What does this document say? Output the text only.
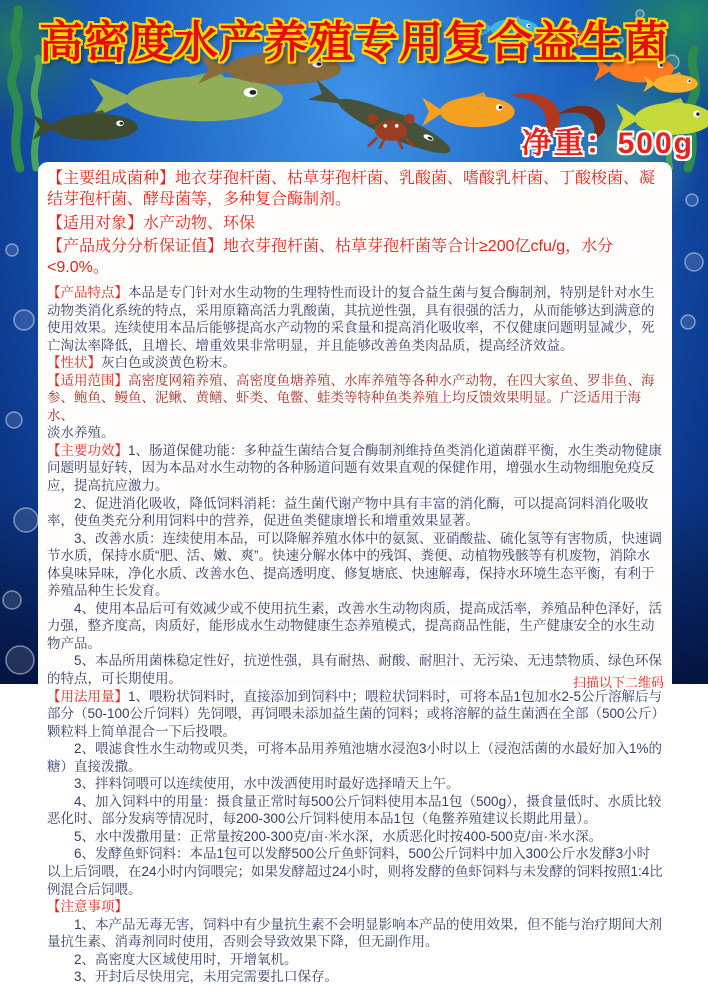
高密度水产养殖专用复合益生菌
净重：500g

【主要组成菌种】地衣芽孢杆菌、枯草芽孢杆菌、乳酸菌、嗜酸乳杆菌、丁酸梭菌、凝结芽孢杆菌、酵母菌等，多种复合酶制剂。

【适用对象】水产动物、环保

【产品成分分析保证值】地衣芽孢杆菌、枯草芽孢杆菌等合计≥200亿cfu/g，水分<9.0%。

【产品特点】本品是专门针对水生动物的生理特性而设计的复合益生菌与复合酶制剂，特别是针对水生动物类消化系统的特点，采用原籍高活力乳酸菌，其抗逆性强，具有很强的活力，从而能够达到满意的使用效果。连续使用本品后能够提高水产动物的采食量和提高消化吸收率，不仅健康问题明显减少，死亡淘汰率降低，且增长、增重效果非常明显，并且能够改善鱼类肉品质，提高经济效益。

【性状】灰白色或淡黄色粉末。

【适用范围】高密度网箱养殖、高密度鱼塘养殖、水库养殖等各种水产动物，在四大家鱼、罗非鱼、海参、鲍鱼、鳗鱼、泥鳅、黄鳝、虾类、龟鳖、蛙类等特种鱼类养殖上均反馈效果明显。广泛适用于海水、

淡水养殖。

【主要功效】1、肠道保健功能：多种益生菌结合复合酶制剂维持鱼类消化道菌群平衡，水生类动物健康问题明显好转，因为本品对水生动物的各种肠道问题有效果直观的保健作用，增强水生动物细胞免疫反应，提高抗应激力。

2、促进消化吸收，降低饲料消耗：益生菌代谢产物中具有丰富的消化酶，可以提高饲料消化吸收率，使鱼类充分利用饲料中的营养，促进鱼类健康增长和增重效果显著。

3、改善水质：连续使用本品，可以降解养殖水体中的氨氮、亚硝酸盐、硫化氢等有害物质，快速调节水质，保持水质“肥、活、嫩、爽”。快速分解水体中的残饵、粪便、动植物残骸等有机废物，消除水体臭味异味，净化水质、改善水色、提高透明度、修复塘底、快速解毒，保持水环境生态平衡，有利于养殖品种生长发育。

4、使用本品后可有效减少或不使用抗生素，改善水生动物肉质，提高成活率，养殖品种色泽好，活力强，整齐度高，肉质好，能形成水生动物健康生态养殖模式，提高商品性能，生产健康安全的水生动物产品。

5、本品所用菌株稳定性好，抗逆性强，具有耐热、耐酸、耐胆汁、无污染、无违禁物质、绿色环保的特点，可长期使用。

【用法用量】1、喂粉状饲料时，直接添加到饲料中；喂粒状饲料时，可将本品1包加水2-5公斤溶解后与部分（50-100公斤饲料）先饲喂，再饲喂未添加益生菌的饲料；或将溶解的益生菌洒在全部（500公斤）颗粒料上简单混合一下后投喂。

2、喂滤食性水生动物或贝类，可将本品用养殖池塘水浸泡3小时以上（浸泡活菌的水最好加入1%的糖）直接泼撒。

3、拌料饲喂可以连续使用，水中泼洒使用时最好选择晴天上午。

4、加入饲料中的用量：摄食量正常时每500公斤饲料使用本品1包（500g），摄食量低时、水质比较恶化时、部分发病等情况时，每200-300公斤饲料使用本品1包（龟鳖养殖建议长期此用量）。

5、水中泼撒用量：正常量按200-300克/亩·米水深，水质恶化时按400-500克/亩·米水深。

6、发酵鱼虾饲料：本品1包可以发酵500公斤鱼虾饲料，500公斤饲料中加入300公斤水发酵3小时以上后饲喂，在24小时内饲喂完；如果发酵超过24小时，则将发酵的鱼虾饲料与未发酵的饲料按照1:4比例混合后饲喂。

【注意事项】

1、本产品无毒无害，饲料中有少量抗生素不会明显影响本产品的使用效果，但不能与治疗期间大剂量抗生素、消毒剂同时使用，否则会导致效果下降，但无副作用。

2、高密度大区域使用时，开增氧机。

3、开封后尽快用完，未用完需要扎口保存。

扫描以下二维码
